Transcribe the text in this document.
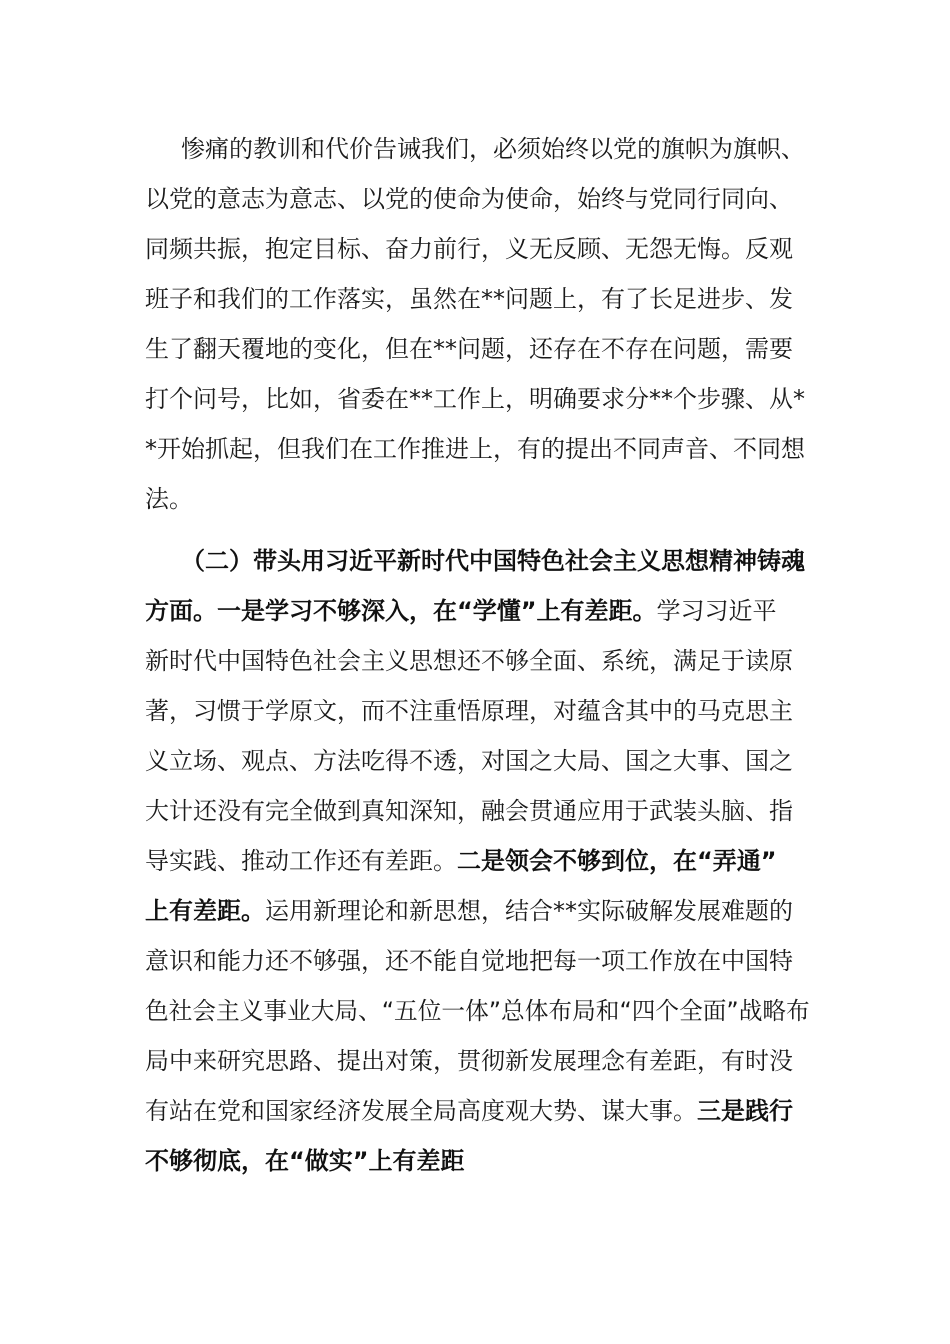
惨痛的教训和代价告诫我们，必须始终以党的旗帜为旗帜、
以党的意志为意志、以党的使命为使命，始终与党同行同向、
同频共振，抱定目标、奋力前行，义无反顾、无怨无悔。反观
班子和我们的工作落实，虽然在**问题上，有了长足进步、发
生了翻天覆地的变化，但在**问题，还存在不存在问题，需要
打个问号，比如，省委在**工作上，明确要求分**个步骤、从*
*开始抓起，但我们在工作推进上，有的提出不同声音、不同想
法。
（二）带头用习近平新时代中国特色社会主义思想精神铸魂
方面。一是学习不够深入，在“学懂”上有差距。学习习近平
新时代中国特色社会主义思想还不够全面、系统，满足于读原
著，习惯于学原文，而不注重悟原理，对蕴含其中的马克思主
义立场、观点、方法吃得不透，对国之大局、国之大事、国之
大计还没有完全做到真知深知，融会贯通应用于武装头脑、指
导实践、推动工作还有差距。二是领会不够到位，在“弄通”
上有差距。运用新理论和新思想，结合**实际破解发展难题的
意识和能力还不够强，还不能自觉地把每一项工作放在中国特
色社会主义事业大局、“五位一体”总体布局和“四个全面”战略布
局中来研究思路、提出对策，贯彻新发展理念有差距，有时没
有站在党和国家经济发展全局高度观大势、谋大事。三是践行
不够彻底，在“做实”上有差距
